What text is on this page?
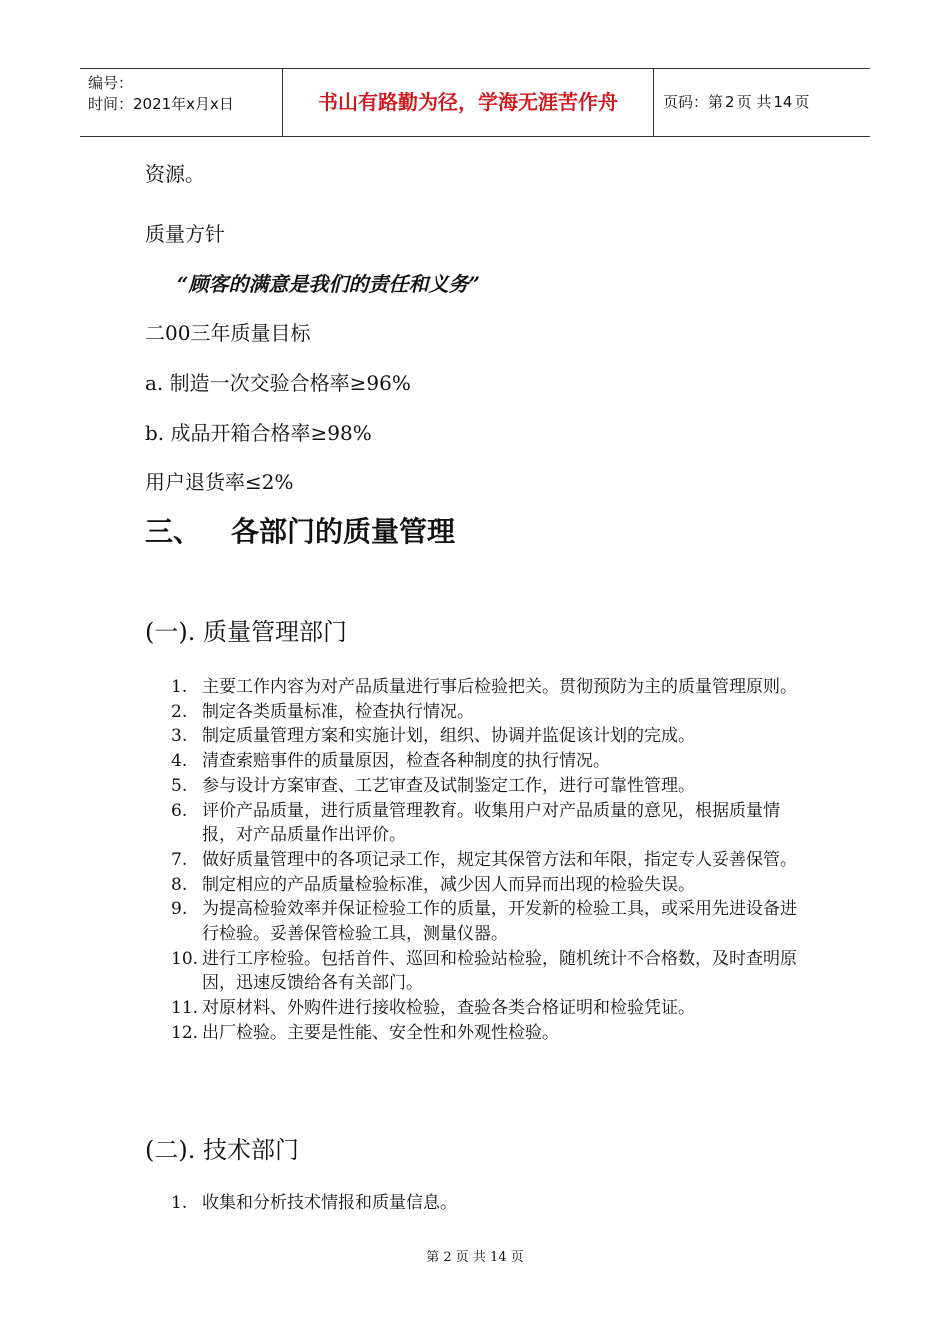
编号：
时间：2021年x月x日	书山有路勤为径，学海无涯苦作舟	页码：第 2 页 共 14 页
资源。
质量方针
“顾客的满意是我们的责任和义务”
二00三年质量目标
a. 制造一次交验合格率≥96%
b. 成品开箱合格率≥98%
用户退货率≤2%
三、 各部门的质量管理
(一). 质量管理部门
1. 主要工作内容为对产品质量进行事后检验把关。贯彻预防为主的质量管理原则。
2. 制定各类质量标准，检查执行情况。
3. 制定质量管理方案和实施计划，组织、协调并监促该计划的完成。
4. 清查索赔事件的质量原因，检查各种制度的执行情况。
5. 参与设计方案审查、工艺审查及试制鉴定工作，进行可靠性管理。
6. 评价产品质量，进行质量管理教育。收集用户对产品质量的意见，根据质量情报，对产品质量作出评价。
7. 做好质量管理中的各项记录工作，规定其保管方法和年限，指定专人妥善保管。
8. 制定相应的产品质量检验标准，减少因人而异而出现的检验失误。
9. 为提高检验效率并保证检验工作的质量，开发新的检验工具，或采用先进设备进行检验。妥善保管检验工具，测量仪器。
10. 进行工序检验。包括首件、巡回和检验站检验，随机统计不合格数，及时查明原因，迅速反馈给各有关部门。
11. 对原材料、外购件进行接收检验，查验各类合格证明和检验凭证。
12. 出厂检验。主要是性能、安全性和外观性检验。
(二). 技术部门
1. 收集和分析技术情报和质量信息。
第 2 页 共 14 页
